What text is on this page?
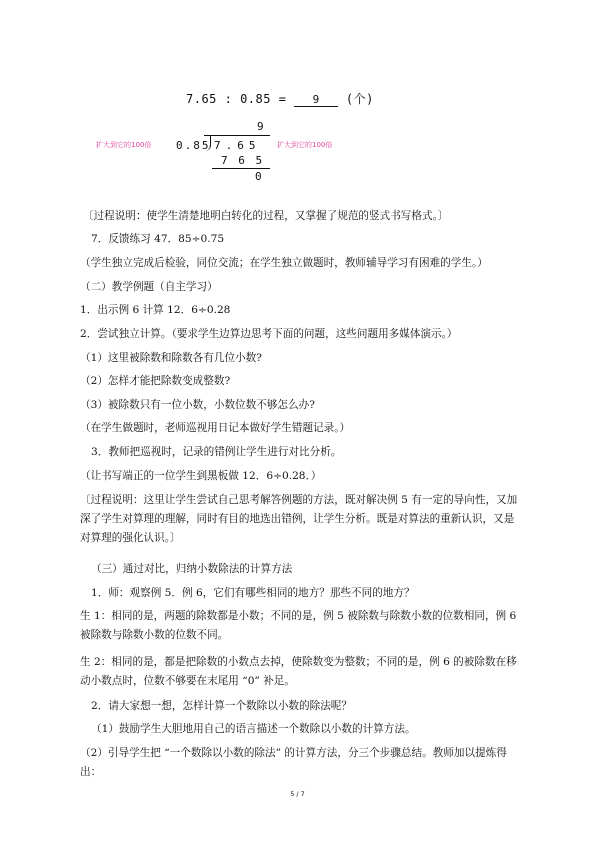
7.65 : 0.85 = 9 (个)
9
扩大到它的100倍 0.85 7.65 扩大到它的100倍
7 6 5
0
〔过程说明：使学生清楚地明白转化的过程，又掌握了规范的竖式书写格式。〕
7．反馈练习 47．85÷0.75
（学生独立完成后检验，同位交流；在学生独立做题时，教师辅导学习有困难的学生。）
（二）教学例题（自主学习）
1．出示例 6 计算 12．6÷0.28
2．尝试独立计算。（要求学生边算边思考下面的问题，这些问题用多媒体演示。）
（1）这里被除数和除数各有几位小数?
（2）怎样才能把除数变成整数?
（3）被除数只有一位小数，小数位数不够怎么办?
（在学生做题时，老师巡视用日记本做好学生错题记录。）
3．教师把巡视时，记录的错例让学生进行对比分析。
（让书写端正的一位学生到黑板做 12．6÷0.28．）

〔过程说明：这里让学生尝试自己思考解答例题的方法，既对解决例 5 有一定的导向性，又加深了学生对算理的理解，同时有目的地选出错例，让学生分析。既是对算法的重新认识，又是对算理的强化认识。〕

（三）通过对比，归纳小数除法的计算方法
1．师：观察例 5．例 6，它们有哪些相同的地方？那些不同的地方？

生 1：相同的是，两题的除数都是小数；不同的是，例 5 被除数与除数小数的位数相同，例 6 被除数与除数小数的位数不同。

生 2：相同的是，都是把除数的小数点去掉，使除数变为整数；不同的是，例 6 的被除数在移动小数点时，位数不够要在末尾用 “0” 补足。

2．请大家想一想，怎样计算一个数除以小数的除法呢？
（1）鼓励学生大胆地用自己的语言描述一个数除以小数的计算方法。

（2）引导学生把 “一个数除以小数的除法” 的计算方法，分三个步骤总结。教师加以提炼得出：

5 / 7
